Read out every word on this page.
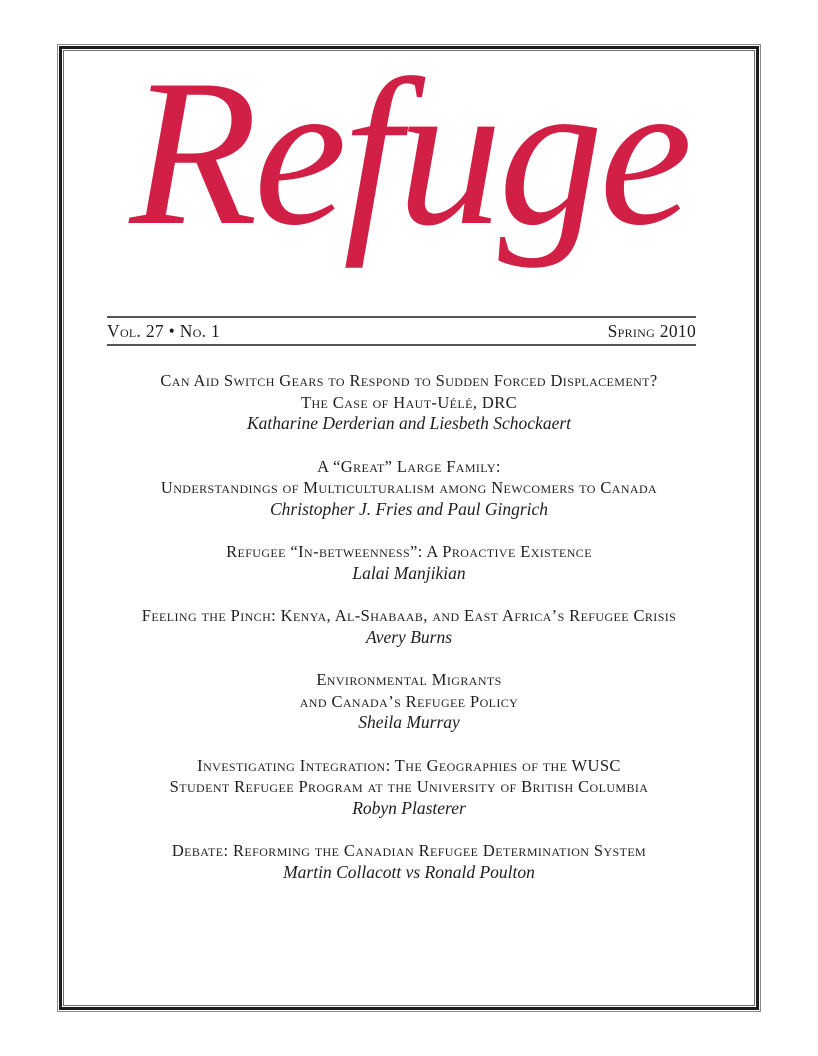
Refuge
Vol. 27 • No. 1	Spring 2010
Can Aid Switch Gears to Respond to Sudden Forced Displacement?
The Case of Haut-Uélé, DRC
Katharine Derderian and Liesbeth Schockaert
A “Great” Large Family:
Understandings of Multiculturalism among Newcomers to Canada
Christopher J. Fries and Paul Gingrich
Refugee “In-betweenness”: A Proactive Existence
Lalai Manjikian
Feeling the Pinch: Kenya, Al-Shabaab, and East Africa’s Refugee Crisis
Avery Burns
Environmental Migrants
and Canada’s Refugee Policy
Sheila Murray
Investigating Integration: The Geographies of the WUSC
Student Refugee Program at the University of British Columbia
Robyn Plasterer
Debate: Reforming the Canadian Refugee Determination System
Martin Collacott vs Ronald Poulton
